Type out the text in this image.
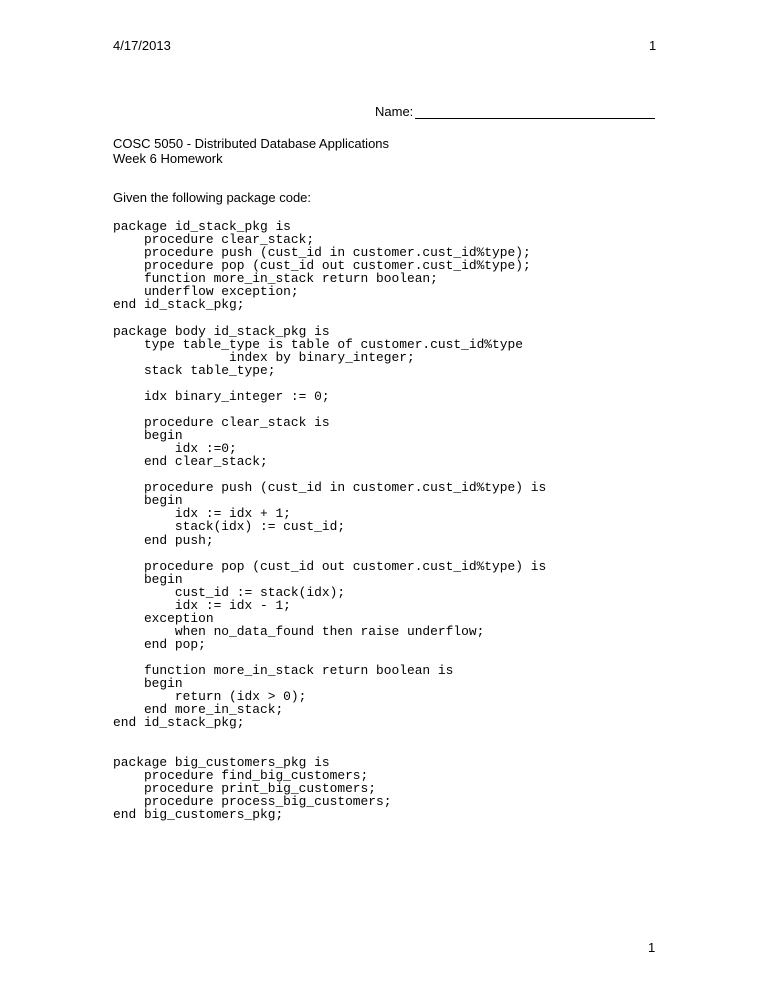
4/17/2013	1
Name:
COSC 5050 - Distributed Database Applications
Week 6 Homework
Given the following package code:
package id_stack_pkg is
procedure clear_stack;
procedure push (cust_id in customer.cust_id%type);
procedure pop (cust_id out customer.cust_id%type);
function more_in_stack return boolean;
underflow exception;
end id_stack_pkg;
package body id_stack_pkg is
type table_type is table of customer.cust_id%type
index by binary_integer;
stack table_type;
idx binary_integer := 0;
procedure clear_stack is
begin
idx :=0;
end clear_stack;
procedure push (cust_id in customer.cust_id%type) is
begin
idx := idx + 1;
stack(idx) := cust_id;
end push;
procedure pop (cust_id out customer.cust_id%type) is
begin
cust_id := stack(idx);
idx := idx - 1;
exception
when no_data_found then raise underflow;
end pop;
function more_in_stack return boolean is
begin
return (idx > 0);
end more_in_stack;
end id_stack_pkg;
package big_customers_pkg is
procedure find_big_customers;
procedure print_big_customers;
procedure process_big_customers;
end big_customers_pkg;
1
